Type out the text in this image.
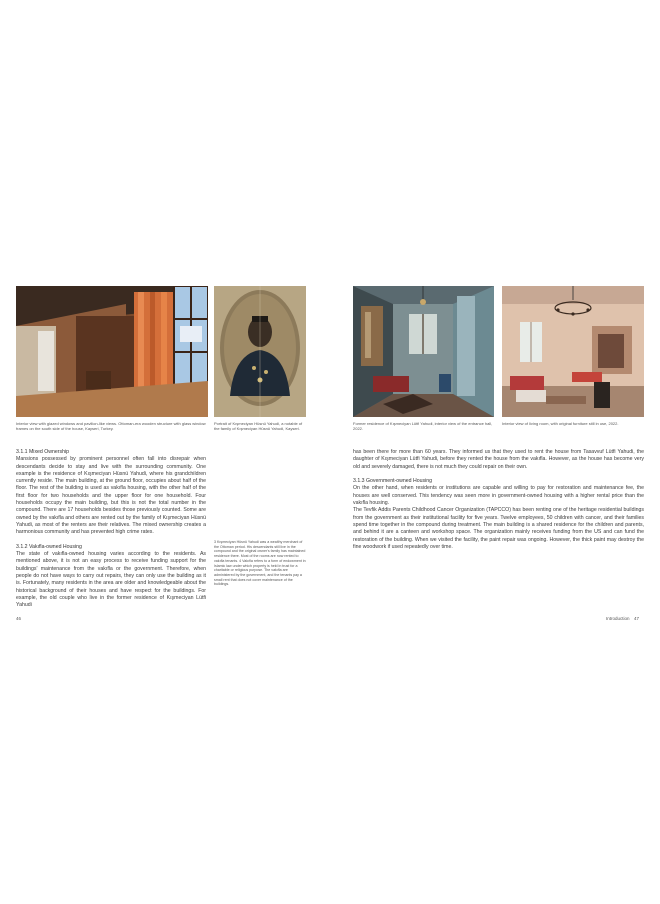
Interior view with glazed windows and pavilion-like views. Ottoman-era wooden structure with glass window frames on the south side of the house, Kayseri, Turkey.
Portrait of Kışmeciyan Hüsnü Yahudi, a notable of the family of Kışmeciyan Hüsnü Yahudi, Kayseri.

3.1.1 Mixed Ownership

Mansions possessed by prominent personnel often fall into disrepair when descendants decide to stay and live with the surrounding community. One example is the residence of Kışmeciyan Hüsnü Yahudi, where his grandchildren currently reside. The main building, at the ground floor, occupies about half of the floor. The rest of the building is used as vakıfla housing, with the other half of the first floor for two households and the upper floor for one household. Four households occupy the main building, but this is not the total number in the compound. There are 17 households besides those previously counted. Some are owned by the vakıfla and others are rented out by the family of Kışmeciyan Hüsnü Yahudi, as most of the renters are their relatives. The mixed ownership creates a harmonious community and has prevented high crime rates.

3.1.2 Vakıfla-owned Housing

The state of vakıfla-owned housing varies according to the residents. As mentioned above, it is not an easy process to receive funding support for the buildings' maintenance from the vakıfla or the government. Therefore, when people do not have ways to carry out repairs, they can only use the building as it is. Fortunately, many residents in the area are older and knowledgeable about the historical background of their houses and have respect for the buildings. For example, the old couple who live in the former residence of Kışmeciyan Lütfi Yahudi

3 Kışmeciyan Hüsnü Yahudi was a wealthy merchant of the Ottoman period. His descendants still live in the compound and the original owner's family has maintained residence there. Most of the rooms are now rented to vakıfla tenants. 4 Vakıfla refers to a form of endowment in Islamic law under which property is held in trust for a charitable or religious purpose. The vakıfla are administered by the government, and the tenants pay a small rent that does not cover maintenance of the buildings.
46
Former residence of Kışmeciyan Lütfi Yahudi, interior view of the entrance hall, 2022.
Interior view of living room, with original furniture still in use, 2022.

has been there for more than 60 years. They informed us that they used to rent the house from Tasavvuf Lütfi Yahudi, the daughter of Kışmeciyan Lütfi Yahudi, before they rented the house from the vakıfla. However, as the house has become very old and severely damaged, there is not much they could repair on their own.

3.1.3 Government-owned Housing

On the other hand, when residents or institutions are capable and willing to pay for restoration and maintenance fee, the houses are well conserved. This tendency was seen more in government-owned housing with a higher rental price than the vakıfla housing.

The Tevfik Addis Parents Childhood Cancer Organization (TAPCCO) has been renting one of the heritage residential buildings from the government as their institutional facility for five years. Twelve employees, 50 children with cancer, and their families spend time together in the compound during treatment. The main building is a shared residence for the children and parents, and behind it are a canteen and workshop space. The organization mainly receives funding from the US and can fund the restoration of the building. When we visited the facility, the paint repair was ongoing. However, the thick paint may destroy the fine woodwork if used repeatedly over time.

Introduction 47
